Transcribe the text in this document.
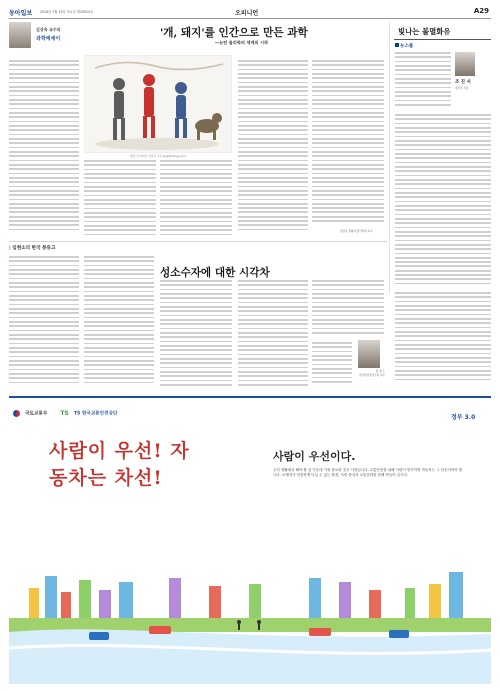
동아일보 2018년 7월 19일 목요일 제29524호	오피니언	A29
김상욱 교수의
과학에세이	'개, 돼지'를 인간으로 만든 과학
―뉴턴 물리학의 세계의 시작
일러스트레이션 김상욱 교수 asap@donga.com
김상욱 경희대 물리학과 교수
빛나는 불멸화유
뉴스룸
조 진 서
정치부 차장
| 임현소의 한국 풍류고
성소수자에 대한 시각차
임 현 소
한국학중앙연구원 교수
국토교통부 TS TS 한국교통안전공단	정부 3.0
사람이 우선! 자동차는 차선!
사람이 우선이다.
우리 생활에서 해야 할 일 가운데 가장 중요한 것은 사람입니다. 교통안전을 위해 사람이 먼저이며 자동차는 그 다음이어야 합니다. 보행자가 안전하게 다닐 수 있는 환경, 사람 중심의 교통문화를 함께 만들어 갑시다.
